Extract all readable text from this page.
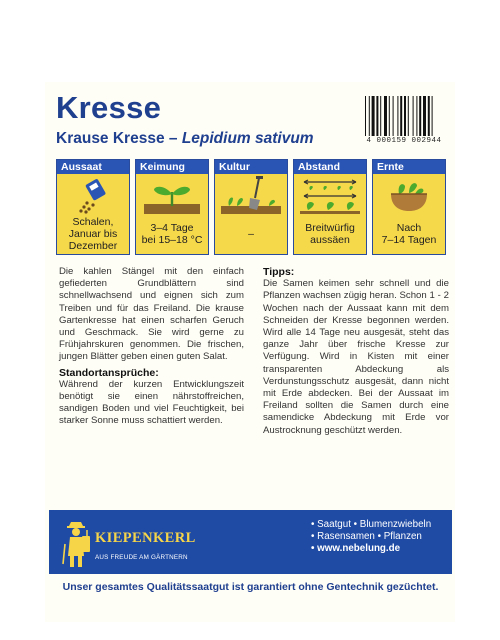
Kresse
Krause Kresse – Lepidium sativum	4 000159 002944
Aussaat
Schalen,
Januar bis
Dezember
Keimung
3–4 Tage
bei 15–18 °C
Kultur
–
Abstand
Breitwürfig
aussäen
Ernte
Nach
7–14 Tagen

Die kahlen Stängel mit den einfach gefiederten Grundblättern sind schnellwachsend und eignen sich zum Treiben und für das Freiland. Die krause Gartenkresse hat einen scharfen Geruch und Geschmack. Sie wird gerne zu Frühjahrskuren genommen. Die frischen, jungen Blätter geben einen guten Salat.

Standortansprüche:

Während der kurzen Entwicklungszeit benötigt sie einen nährstoffreichen, sandigen Boden und viel Feuchtigkeit, bei starker Sonne muss schattiert werden.

Tipps:

Die Samen keimen sehr schnell und die Pflanzen wachsen zügig heran. Schon 1 - 2 Wochen nach der Aussaat kann mit dem Schneiden der Kresse begonnen werden. Wird alle 14 Tage neu ausgesät, steht das ganze Jahr über frische Kresse zur Verfügung. Wird in Kisten mit einer transparenten Abdeckung als Verdunstungsschutz ausgesät, dann nicht mit Erde abdecken. Bei der Aussaat im Freiland sollten die Samen durch eine samendicke Abdeckung mit Erde vor Austrocknung geschützt werden.

KIEPENKERL
AUS FREUDE AM GÄRTNERN
• Saatgut • Blumenzwiebeln
• Rasensamen • Pflanzen
• www.nebelung.de
Unser gesamtes Qualitätssaatgut ist garantiert ohne Gentechnik gezüchtet.
